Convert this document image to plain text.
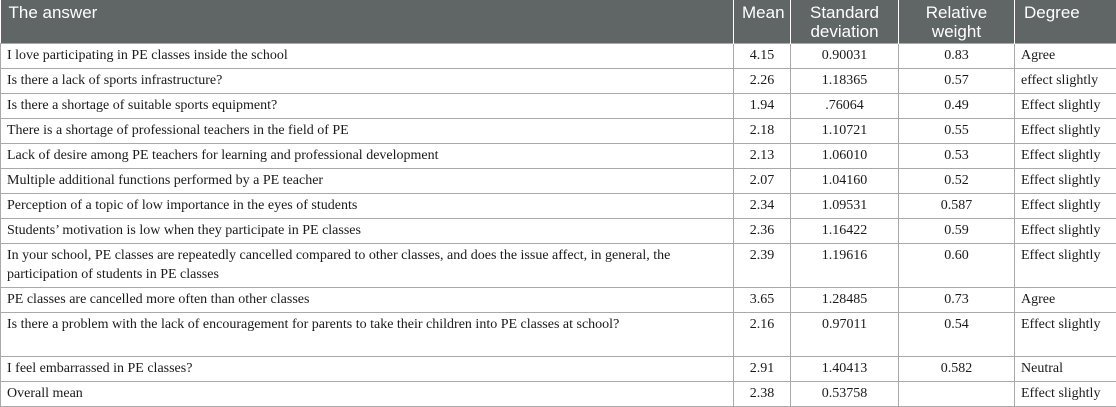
The answer	Mean	Standard deviation	Relative weight	Degree
I love participating in PE classes inside the school	4.15	0.90031	0.83	Agree
Is there a lack of sports infrastructure?	2.26	1.18365	0.57	effect slightly
Is there a shortage of suitable sports equipment?	1.94	.76064	0.49	Effect slightly
There is a shortage of professional teachers in the field of PE	2.18	1.10721	0.55	Effect slightly
Lack of desire among PE teachers for learning and professional development	2.13	1.06010	0.53	Effect slightly
Multiple additional functions performed by a PE teacher	2.07	1.04160	0.52	Effect slightly
Perception of a topic of low importance in the eyes of students	2.34	1.09531	0.587	Effect slightly
Students’ motivation is low when they participate in PE classes	2.36	1.16422	0.59	Effect slightly
In your school, PE classes are repeatedly cancelled compared to other classes, and does the issue affect, in general, the participation of students in PE classes	2.39	1.19616	0.60	Effect slightly
PE classes are cancelled more often than other classes	3.65	1.28485	0.73	Agree
Is there a problem with the lack of encouragement for parents to take their children into PE classes at school?	2.16	0.97011	0.54	Effect slightly
I feel embarrassed in PE classes?	2.91	1.40413	0.582	Neutral
Overall mean	2.38	0.53758		Effect slightly
